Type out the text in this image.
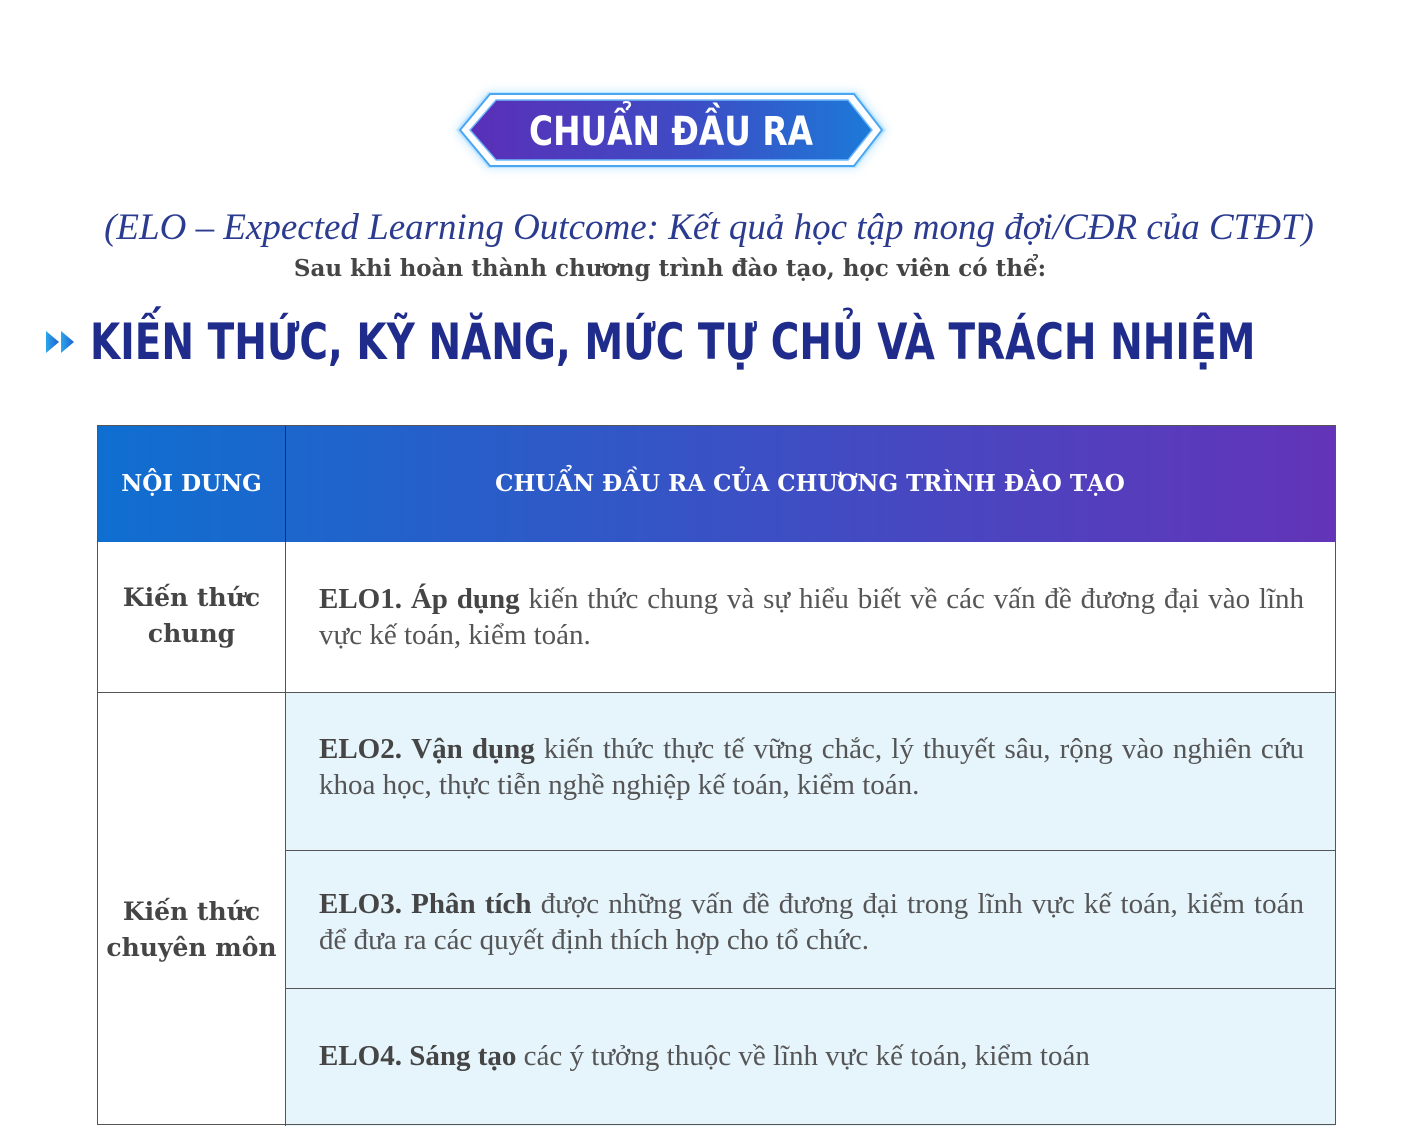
CHUẨN ĐẦU RA
(ELO – Expected Learning Outcome: Kết quả học tập mong đợi/CĐR của CTĐT)
Sau khi hoàn thành chương trình đào tạo, học viên có thể:
KIẾN THỨC, KỸ NĂNG, MỨC TỰ CHỦ VÀ TRÁCH NHIỆM
NỘI DUNG	CHUẨN ĐẦU RA CỦA CHƯƠNG TRÌNH ĐÀO TẠO
Kiến thức
chung
Kiến thức
chuyên môn
ELO1. Áp dụng kiến thức chung và sự hiểu biết về các vấn đề đương đại vào lĩnh vực kế toán, kiểm toán.
ELO2. Vận dụng kiến thức thực tế vững chắc, lý thuyết sâu, rộng vào nghiên cứu khoa học, thực tiễn nghề nghiệp kế toán, kiểm toán.
ELO3. Phân tích được những vấn đề đương đại trong lĩnh vực kế toán, kiểm toán để đưa ra các quyết định thích hợp cho tổ chức.
ELO4. Sáng tạo các ý tưởng thuộc về lĩnh vực kế toán, kiểm toán
